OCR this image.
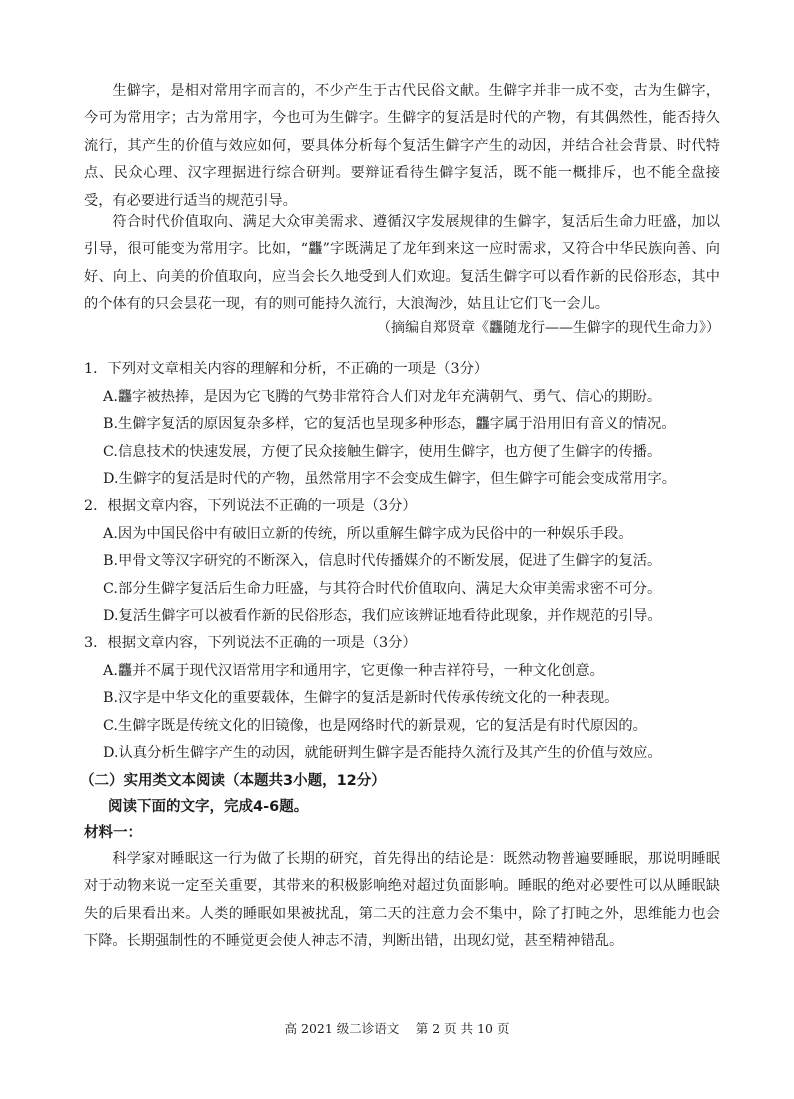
生僻字，是相对常用字而言的，不少产生于古代民俗文献。生僻字并非一成不变，古为生僻字，今可为常用字；古为常用字，今也可为生僻字。生僻字的复活是时代的产物，有其偶然性，能否持久流行，其产生的价值与效应如何，要具体分析每个复活生僻字产生的动因，并结合社会背景、时代特点、民众心理、汉字理据进行综合研判。要辩证看待生僻字复活，既不能一概排斥，也不能全盘接受，有必要进行适当的规范引导。

符合时代价值取向、满足大众审美需求、遵循汉字发展规律的生僻字，复活后生命力旺盛，加以引导，很可能变为常用字。比如，“龘”字既满足了龙年到来这一应时需求，又符合中华民族向善、向好、向上、向美的价值取向，应当会长久地受到人们欢迎。复活生僻字可以看作新的民俗形态，其中的个体有的只会昙花一现，有的则可能持久流行，大浪淘沙，姑且让它们飞一会儿。

（摘编自郑贤章《龘随龙行——生僻字的现代生命力》）

1．下列对文章相关内容的理解和分析，不正确的一项是（3分）

A.龘字被热捧，是因为它飞腾的气势非常符合人们对龙年充满朝气、勇气、信心的期盼。

B.生僻字复活的原因复杂多样，它的复活也呈现多种形态，龘字属于沿用旧有音义的情况。

C.信息技术的快速发展，方便了民众接触生僻字，使用生僻字，也方便了生僻字的传播。

D.生僻字的复活是时代的产物，虽然常用字不会变成生僻字，但生僻字可能会变成常用字。

2．根据文章内容，下列说法不正确的一项是（3分）

A.因为中国民俗中有破旧立新的传统，所以重解生僻字成为民俗中的一种娱乐手段。

B.甲骨文等汉字研究的不断深入，信息时代传播媒介的不断发展，促进了生僻字的复活。

C.部分生僻字复活后生命力旺盛，与其符合时代价值取向、满足大众审美需求密不可分。

D.复活生僻字可以被看作新的民俗形态，我们应该辨证地看待此现象，并作规范的引导。

3．根据文章内容，下列说法不正确的一项是（3分）

A.龘并不属于现代汉语常用字和通用字，它更像一种吉祥符号，一种文化创意。

B.汉字是中华文化的重要载体，生僻字的复活是新时代传承传统文化的一种表现。

C.生僻字既是传统文化的旧镜像，也是网络时代的新景观，它的复活是有时代原因的。

D.认真分析生僻字产生的动因，就能研判生僻字是否能持久流行及其产生的价值与效应。

（二）实用类文本阅读（本题共3小题，12分）

阅读下面的文字，完成4-6题。

材料一：

科学家对睡眠这一行为做了长期的研究，首先得出的结论是：既然动物普遍要睡眠，那说明睡眠对于动物来说一定至关重要，其带来的积极影响绝对超过负面影响。睡眠的绝对必要性可以从睡眠缺失的后果看出来。人类的睡眠如果被扰乱，第二天的注意力会不集中，除了打盹之外，思维能力也会下降。长期强制性的不睡觉更会使人神志不清，判断出错，出现幻觉，甚至精神错乱。

高 2021 级二诊语文　 第 2 页 共 10 页
